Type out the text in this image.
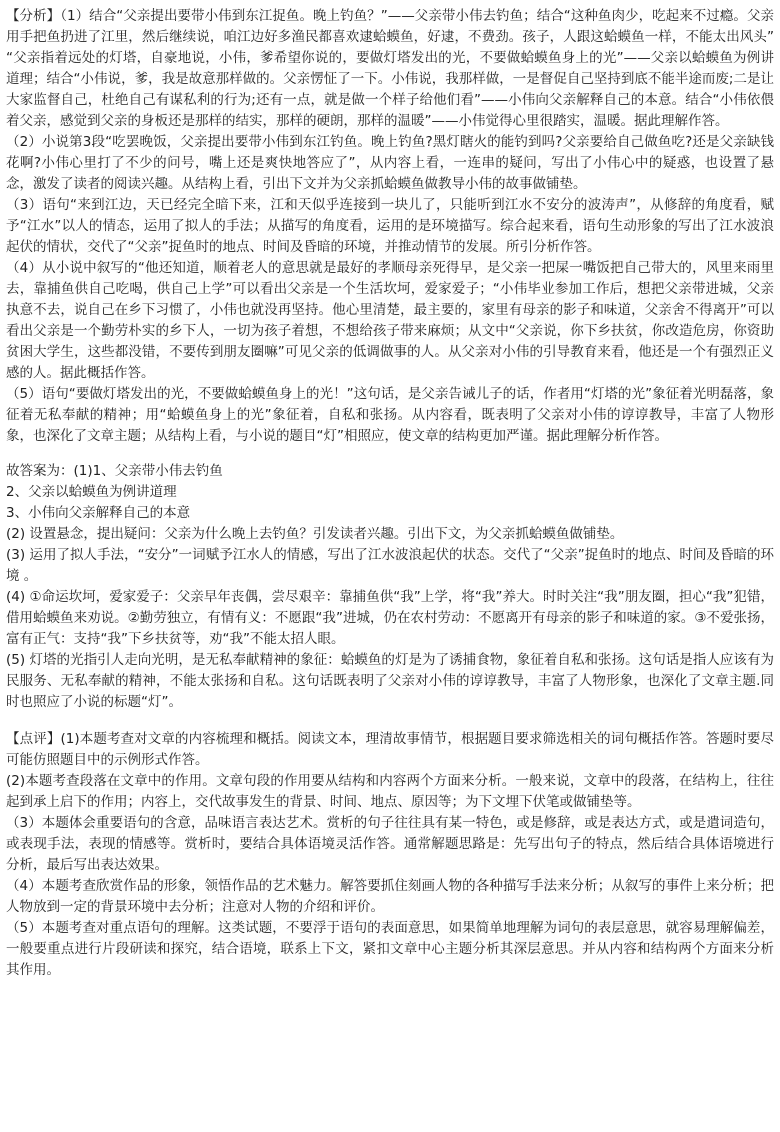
【分析】（1）结合“父亲提出要带小伟到东江捉鱼。晚上钓鱼？”——父亲带小伟去钓鱼；结合“这种鱼肉少，吃起来不过瘾。父亲用手把鱼扔进了江里，然后继续说，咱江边好多渔民都喜欢逮蛤蟆鱼，好逮，不费劲。孩子，人跟这蛤蟆鱼一样，不能太出风头” “父亲指着远处的灯塔，自豪地说，小伟，爹希望你说的，要做灯塔发出的光，不要做蛤蟆鱼身上的光”——父亲以蛤蟆鱼为例讲道理；结合“小伟说，爹，我是故意那样做的。父亲愣怔了一下。小伟说，我那样做，一是督促自己坚持到底不能半途而废;二是让大家监督自己，杜绝自己有谋私利的行为;还有一点，就是做一个样子给他们看”——小伟向父亲解释自己的本意。结合“小伟依偎着父亲，感觉到父亲的身板还是那样的结实，那样的硬朗，那样的温暖”——小伟觉得心里很踏实，温暖。据此理解作答。

（2）小说第3段“吃罢晚饭，父亲提出要带小伟到东江钓鱼。晚上钓鱼?黑灯瞎火的能钓到吗?父亲要给自己做鱼吃?还是父亲缺钱花啊?小伟心里打了不少的问号，嘴上还是爽快地答应了”，从内容上看，一连串的疑问，写出了小伟心中的疑惑，也设置了悬念，激发了读者的阅读兴趣。从结构上看，引出下文并为父亲抓蛤蟆鱼做教导小伟的故事做铺垫。

（3）语句“来到江边，天已经完全暗下来，江和天似乎连接到一块儿了，只能听到江水不安分的波涛声”，从修辞的角度看，赋予“江水”以人的情态，运用了拟人的手法；从描写的角度看，运用的是环境描写。综合起来看，语句生动形象的写出了江水波浪起伏的情状，交代了“父亲”捉鱼时的地点、时间及昏暗的环境，并推动情节的发展。所引分析作答。

（4）从小说中叙写的“他还知道，顺着老人的意思就是最好的孝顺母亲死得早，是父亲一把屎一嘴饭把自己带大的，风里来雨里去，靠捕鱼供自己吃喝，供自己上学”可以看出父亲是一个生活坎坷，爱家爱子；“小伟毕业参加工作后，想把父亲带进城，父亲执意不去，说自己在乡下习惯了，小伟也就没再坚持。他心里清楚，最主要的，家里有母亲的影子和味道，父亲舍不得离开”可以看出父亲是一个勤劳朴实的乡下人，一切为孩子着想，不想给孩子带来麻烦；从文中“父亲说，你下乡扶贫，你改造危房，你资助贫困大学生，这些都没错，不要传到朋友圈嘛”可见父亲的低调做事的人。从父亲对小伟的引导教育来看，他还是一个有强烈正义感的人。据此概括作答。

（5）语句“要做灯塔发出的光，不要做蛤蟆鱼身上的光！”这句话，是父亲告诫儿子的话，作者用“灯塔的光”象征着光明磊落，象征着无私奉献的精神；用“蛤蟆鱼身上的光”象征着，自私和张扬。从内容看，既表明了父亲对小伟的谆谆教导，丰富了人物形象，也深化了文章主题；从结构上看，与小说的题目“灯”相照应，使文章的结构更加严谨。据此理解分析作答。

故答案为：(1)1、父亲带小伟去钓鱼

2、父亲以蛤蟆鱼为例讲道理

3、小伟向父亲解释自己的本意

(2) 设置悬念，提出疑问：父亲为什么晚上去钓鱼？引发读者兴趣。引出下文，为父亲抓蛤蟆鱼做铺垫。

(3) 运用了拟人手法，“安分”一词赋予江水人的情感，写出了江水波浪起伏的状态。交代了“父亲”捉鱼时的地点、时间及昏暗的环境 。

(4) ①命运坎坷，爱家爱子：父亲早年丧偶，尝尽艰辛：靠捕鱼供“我”上学，将“我”养大。时时关注“我”朋友圈，担心“我”犯错，借用蛤蟆鱼来劝说。②勤劳独立，有情有义：不愿跟“我”进城，仍在农村劳动：不愿离开有母亲的影子和味道的家。③不爱张扬，富有正气：支持“我”下乡扶贫等，劝“我”不能太招人眼。

(5) 灯塔的光指引人走向光明，是无私奉献精神的象征：蛤蟆鱼的灯是为了诱捕食物，象征着自私和张扬。这句话是指人应该有为民服务、无私奉献的精神，不能太张扬和自私。这句话既表明了父亲对小伟的谆谆教导，丰富了人物形象，也深化了文章主题.同时也照应了小说的标题“灯”。

【点评】(1)本题考查对文章的内容梳理和概括。阅读文本，理清故事情节，根据题目要求筛选相关的词句概括作答。答题时要尽可能仿照题目中的示例形式作答。

(2)本题考查段落在文章中的作用。文章句段的作用要从结构和内容两个方面来分析。一般来说，文章中的段落，在结构上，往往起到承上启下的作用；内容上，交代故事发生的背景、时间、地点、原因等；为下文埋下伏笔或做铺垫等。

（3）本题体会重要语句的含意，品味语言表达艺术。赏析的句子往往具有某一特色，或是修辞，或是表达方式，或是遣词造句，或表现手法，表现的情感等。赏析时，要结合具体语境灵活作答。通常解题思路是：先写出句子的特点，然后结合具体语境进行分析，最后写出表达效果。

（4）本题考查欣赏作品的形象，领悟作品的艺术魅力。解答要抓住刻画人物的各种描写手法来分析；从叙写的事件上来分析；把人物放到一定的背景环境中去分析；注意对人物的介绍和评价。

（5）本题考查对重点语句的理解。这类试题，不要浮于语句的表面意思，如果简单地理解为词句的表层意思，就容易理解偏差，一般要重点进行片段研读和探究，结合语境，联系上下文，紧扣文章中心主题分析其深层意思。并从内容和结构两个方面来分析其作用。
